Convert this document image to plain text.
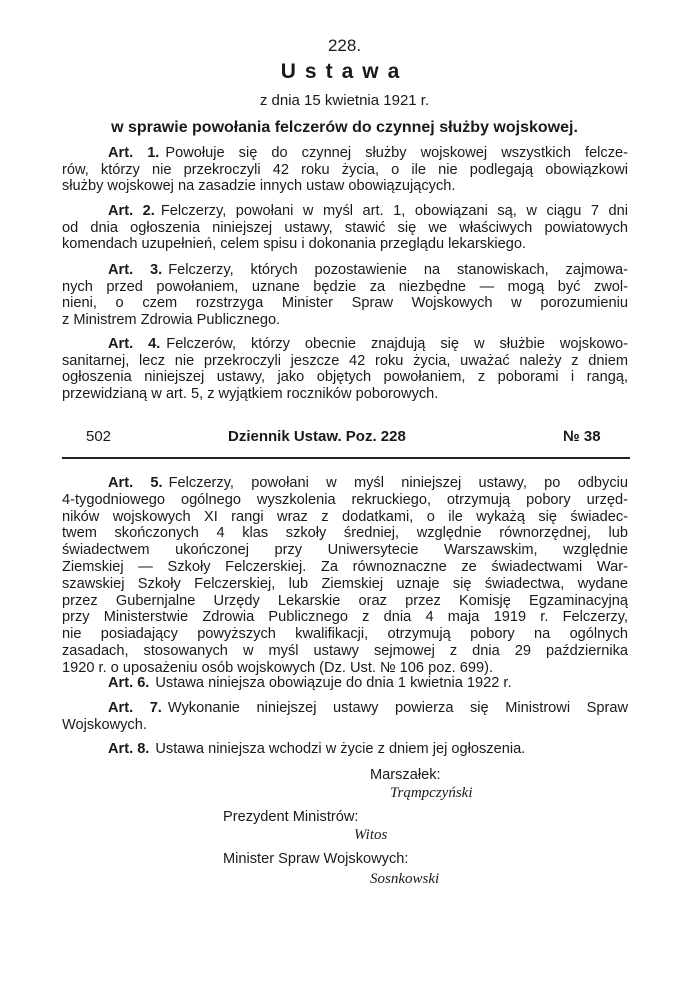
228.
Ustawa
z dnia 15 kwietnia 1921 r.
w sprawie powołania felczerów do czynnej służby wojskowej.
Art. 1. Powołuje się do czynnej służby wojskowej wszystkich felcze-
rów, którzy nie przekroczyli 42 roku życia, o ile nie podlegają obowiązkowi
służby wojskowej na zasadzie innych ustaw obowiązujących.
Art. 2. Felczerzy, powołani w myśl art. 1, obowiązani są, w ciągu 7 dni
od dnia ogłoszenia niniejszej ustawy, stawić się we właściwych powiatowych
komendach uzupełnień, celem spisu i dokonania przeglądu lekarskiego.
Art. 3. Felczerzy, których pozostawienie na stanowiskach, zajmowa-
nych przed powołaniem, uznane będzie za niezbędne — mogą być zwol-
nieni, o czem rozstrzyga Minister Spraw Wojskowych w porozumieniu
z Ministrem Zdrowia Publicznego.
Art. 4. Felczerów, którzy obecnie znajdują się w służbie wojskowo-
sanitarnej, lecz nie przekroczyli jeszcze 42 roku życia, uważać należy z dniem
ogłoszenia niniejszej ustawy, jako objętych powołaniem, z poborami i rangą,
przewidzianą w art. 5, z wyjątkiem roczników poborowych.
Art. 5. Felczerzy, powołani w myśl niniejszej ustawy, po odbyciu
4-tygodniowego ogólnego wyszkolenia rekruckiego, otrzymują pobory urzęd-
ników wojskowych XI rangi wraz z dodatkami, o ile wykażą się świadec-
twem skończonych 4 klas szkoły średniej, względnie równorzędnej, lub
świadectwem ukończonej przy Uniwersytecie Warszawskim, względnie
Ziemskiej — Szkoły Felczerskiej. Za równoznaczne ze świadectwami War-
szawskiej Szkoły Felczerskiej, lub Ziemskiej uznaje się świadectwa, wydane
przez Gubernjalne Urzędy Lekarskie oraz przez Komisję Egzaminacyjną
przy Ministerstwie Zdrowia Publicznego z dnia 4 maja 1919 r. Felczerzy,
nie posiadający powyższych kwalifikacji, otrzymują pobory na ogólnych
zasadach, stosowanych w myśl ustawy sejmowej z dnia 29 października
1920 r. o uposażeniu osób wojskowych (Dz. Ust. № 106 poz. 699).
Art. 6. Ustawa niniejsza obowiązuje do dnia 1 kwietnia 1922 r.
Art. 7. Wykonanie niniejszej ustawy powierza się Ministrowi Spraw
Wojskowych.
Art. 8. Ustawa niniejsza wchodzi w życie z dniem jej ogłoszenia.
502	Dziennik Ustaw. Poz. 228	№ 38
Marszałek:
Trąmpczyński
Prezydent Ministrów:
Witos
Minister Spraw Wojskowych:
Sosnkowski
